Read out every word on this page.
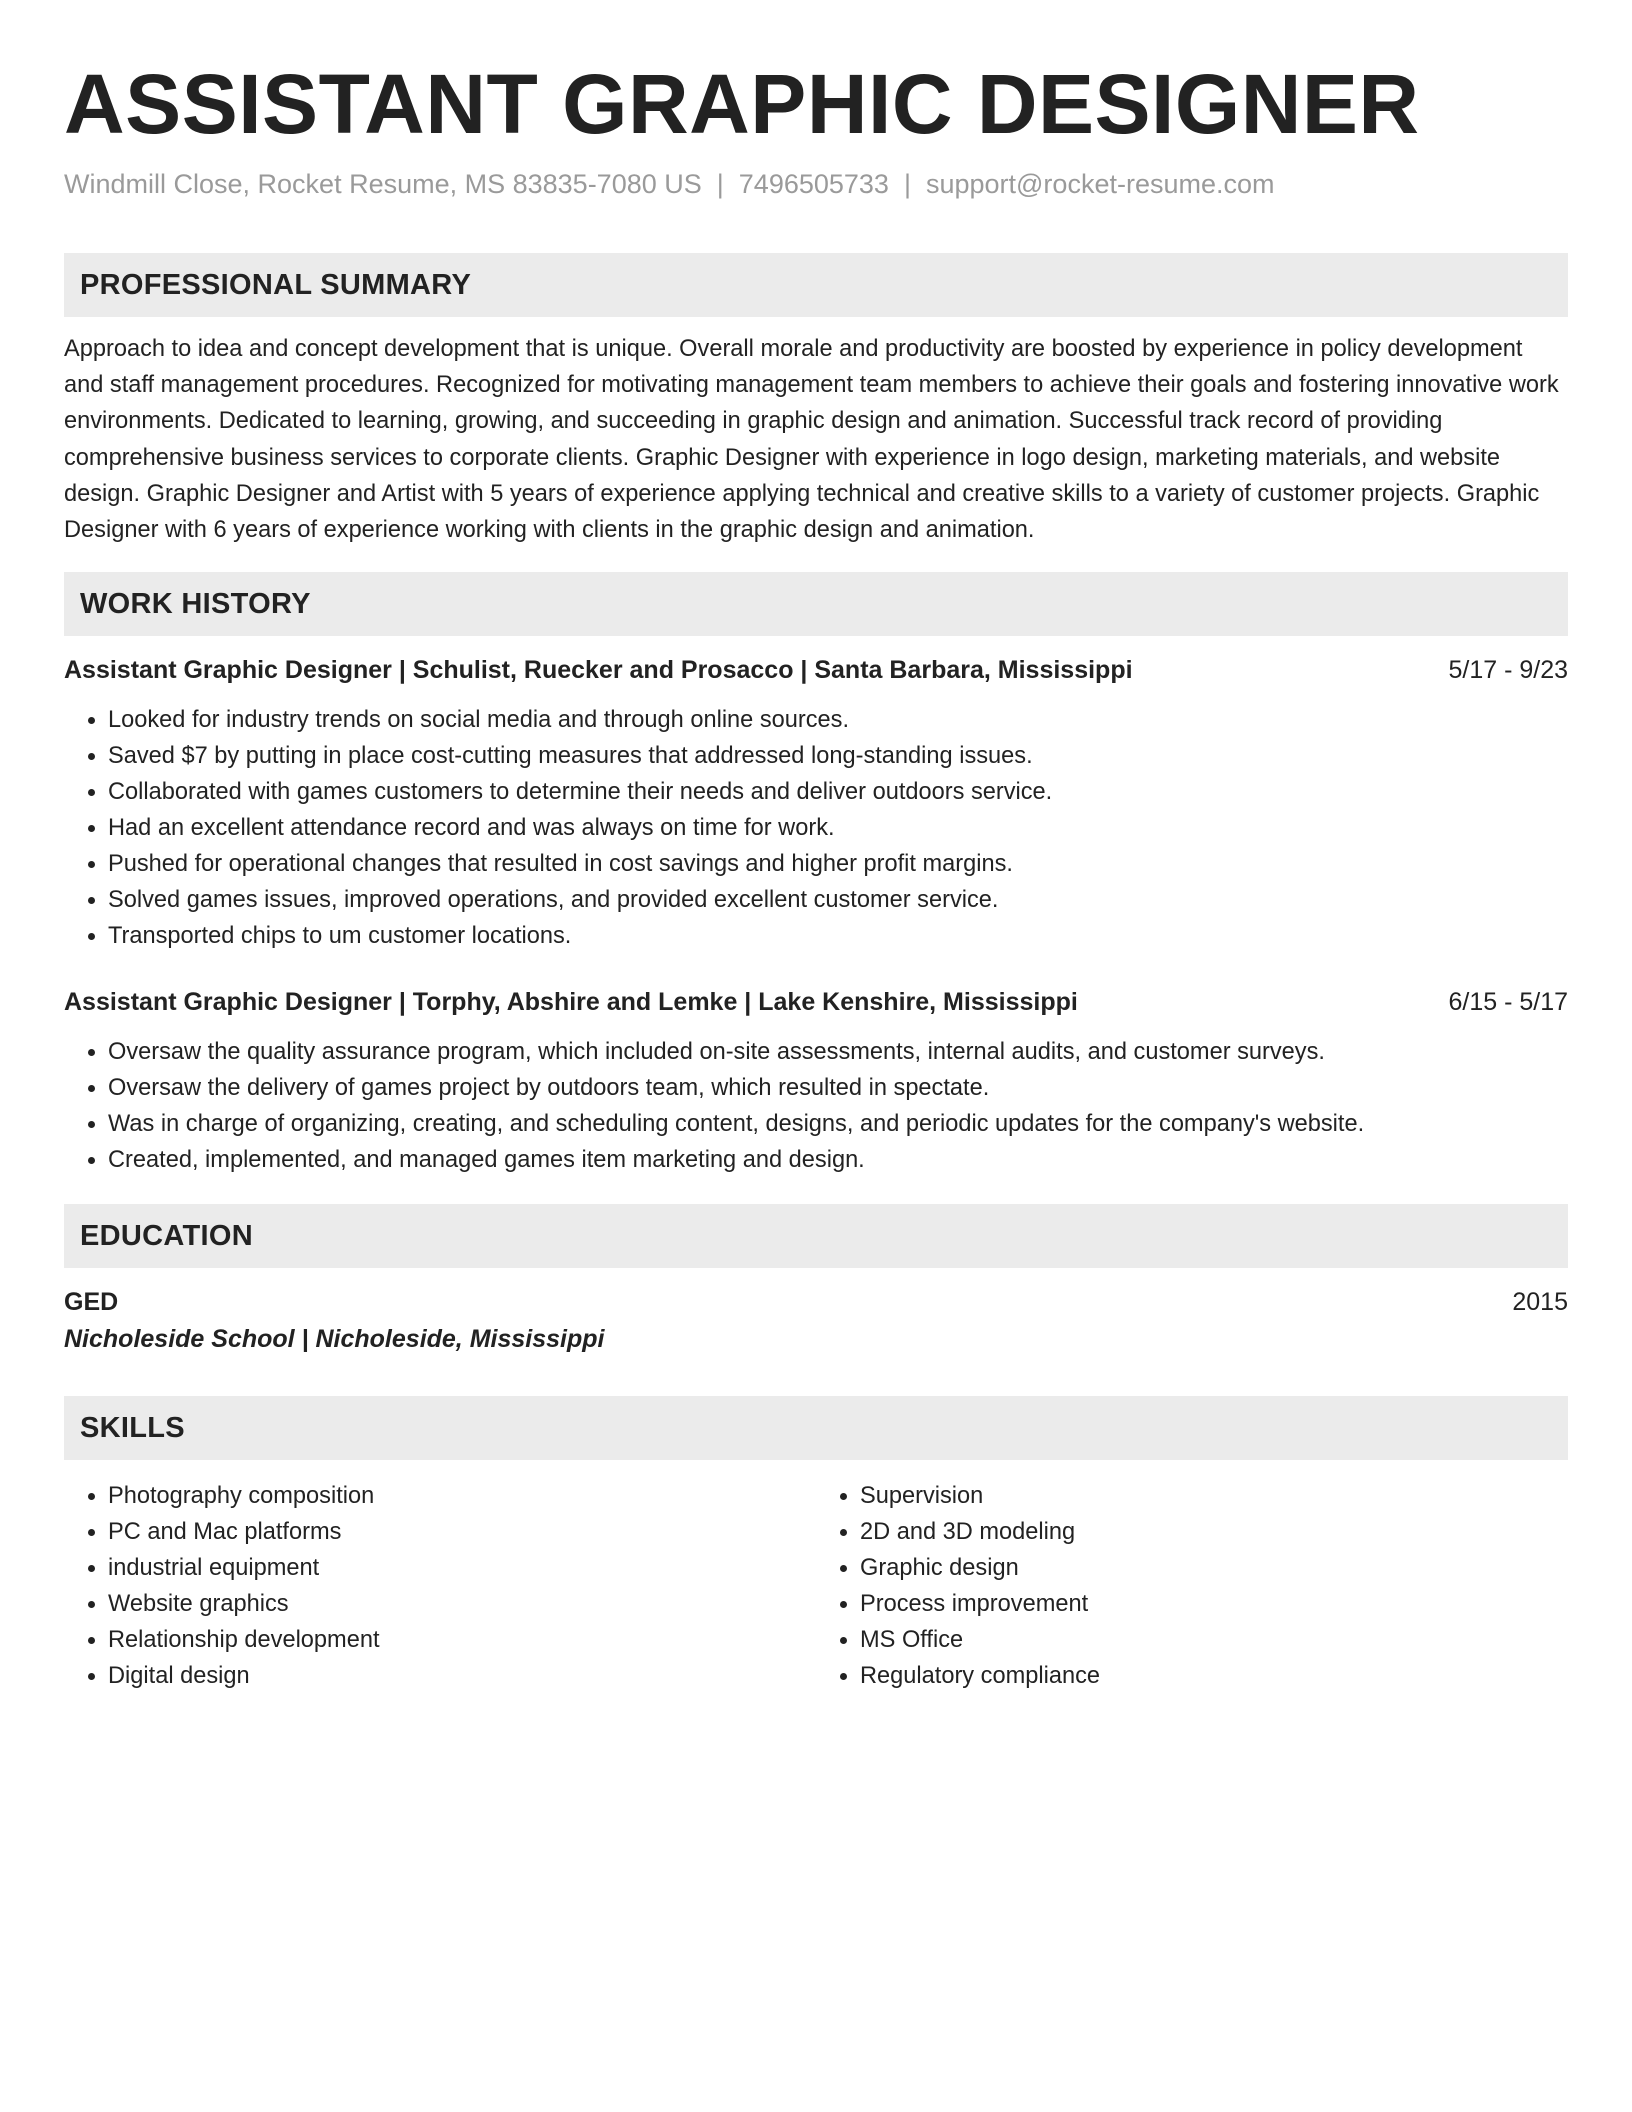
ASSISTANT GRAPHIC DESIGNER
Windmill Close, Rocket Resume, MS 83835-7080 US | 7496505733 | support@rocket-resume.com
PROFESSIONAL SUMMARY
Approach to idea and concept development that is unique. Overall morale and productivity are boosted by experience in policy development and staff management procedures. Recognized for motivating management team members to achieve their goals and fostering innovative work environments. Dedicated to learning, growing, and succeeding in graphic design and animation. Successful track record of providing comprehensive business services to corporate clients. Graphic Designer with experience in logo design, marketing materials, and website design. Graphic Designer and Artist with 5 years of experience applying technical and creative skills to a variety of customer projects. Graphic Designer with 6 years of experience working with clients in the graphic design and animation.
WORK HISTORY
Assistant Graphic Designer | Schulist, Ruecker and Prosacco | Santa Barbara, Mississippi	5/17 - 9/23
• Looked for industry trends on social media and through online sources.
• Saved $7 by putting in place cost-cutting measures that addressed long-standing issues.
• Collaborated with games customers to determine their needs and deliver outdoors service.
• Had an excellent attendance record and was always on time for work.
• Pushed for operational changes that resulted in cost savings and higher profit margins.
• Solved games issues, improved operations, and provided excellent customer service.
• Transported chips to um customer locations.
Assistant Graphic Designer | Torphy, Abshire and Lemke | Lake Kenshire, Mississippi	6/15 - 5/17
• Oversaw the quality assurance program, which included on-site assessments, internal audits, and customer surveys.
• Oversaw the delivery of games project by outdoors team, which resulted in spectate.
• Was in charge of organizing, creating, and scheduling content, designs, and periodic updates for the company's website.
• Created, implemented, and managed games item marketing and design.
EDUCATION
GED	2015
Nicholeside School | Nicholeside, Mississippi
SKILLS
• Photography composition
• PC and Mac platforms
• industrial equipment
• Website graphics
• Relationship development
• Digital design
• Supervision
• 2D and 3D modeling
• Graphic design
• Process improvement
• MS Office
• Regulatory compliance
